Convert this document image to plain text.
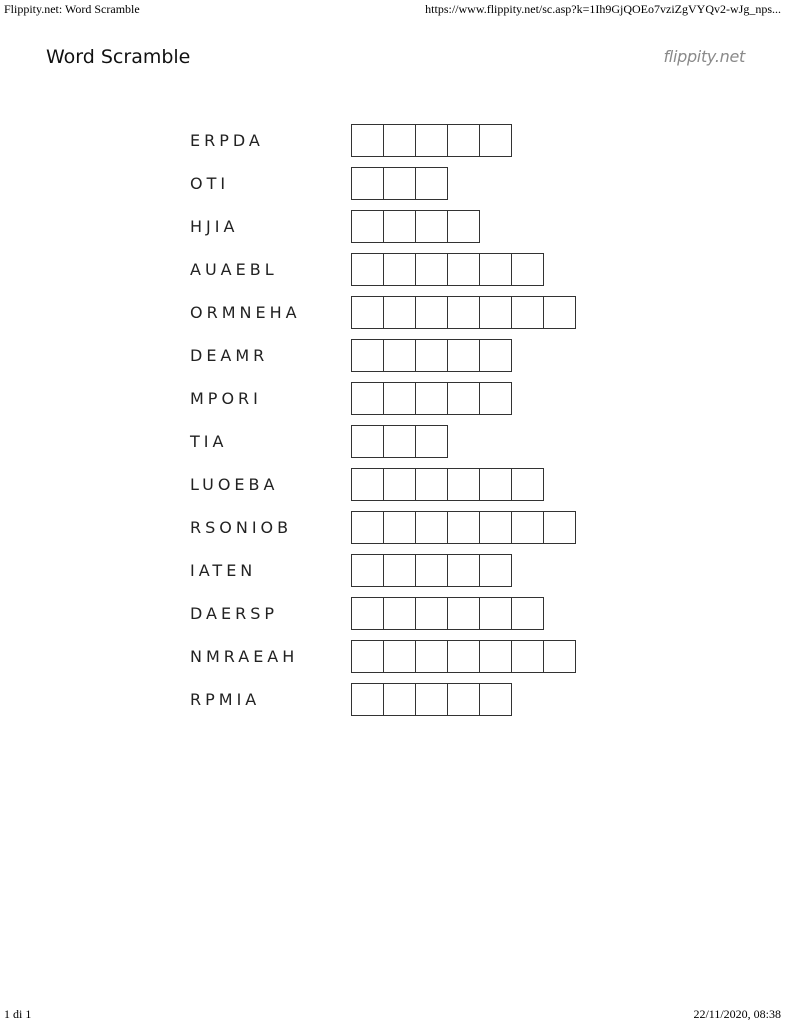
Flippity.net: Word Scramble	https://www.flippity.net/sc.asp?k=1Ih9GjQOEo7vziZgVYQv2-wJg_nps...
Word Scramble	flippity.net
ERPDA
OTI
HJIA
AUAEBL
ORMNEHA
DEAMR
MPORI
TIA
LUOEBA
RSONIOB
IATEN
DAERSP
NMRAEAH
RPMIA
1 di 1	22/11/2020, 08:38
